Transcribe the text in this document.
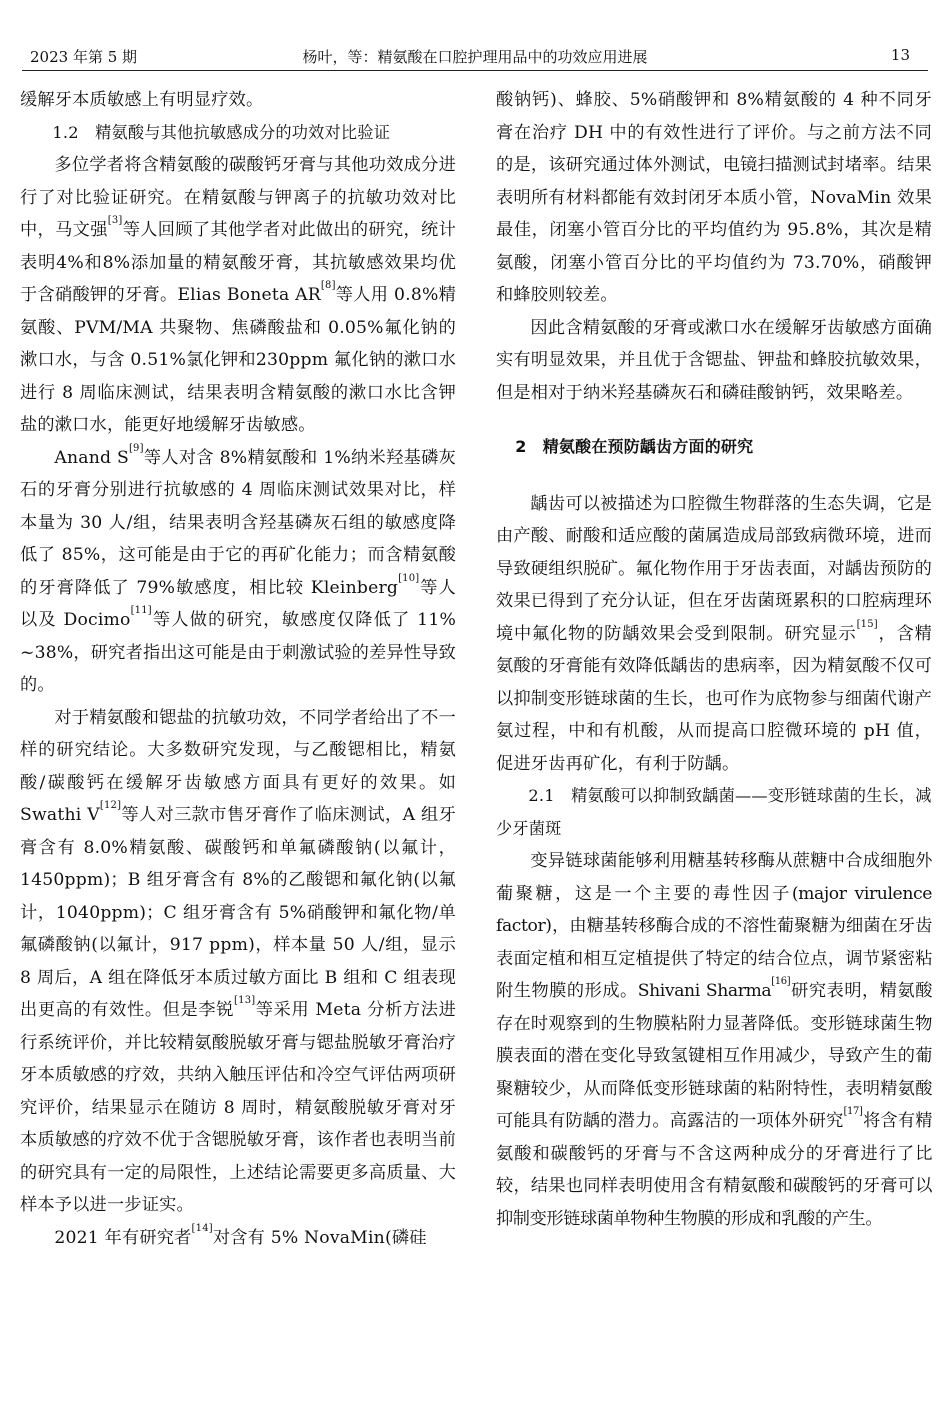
2023 年第 5 期	杨叶，等：精氨酸在口腔护理用品中的功效应用进展	13

缓解牙本质敏感上有明显疗效。

1.2　精氨酸与其他抗敏感成分的功效对比验证

多位学者将含精氨酸的碳酸钙牙膏与其他功效成分进行了对比验证研究。在精氨酸与钾离子的抗敏功效对比中，马文强[3]等人回顾了其他学者对此做出的研究，统计表明4%和8%添加量的精氨酸牙膏，其抗敏感效果均优于含硝酸钾的牙膏。Elias Boneta AR[8]等人用 0.8%精氨酸、PVM/MA 共聚物、焦磷酸盐和 0.05%氟化钠的漱口水，与含 0.51%氯化钾和230ppm 氟化钠的漱口水进行 8 周临床测试，结果表明含精氨酸的漱口水比含钾盐的漱口水，能更好地缓解牙齿敏感。

Anand S[9]等人对含 8%精氨酸和 1%纳米羟基磷灰石的牙膏分别进行抗敏感的 4 周临床测试效果对比，样本量为 30 人/组，结果表明含羟基磷灰石组的敏感度降低了 85%，这可能是由于它的再矿化能力；而含精氨酸的牙膏降低了 79%敏感度，相比较 Kleinberg[10]等人以及 Docimo[11]等人做的研究，敏感度仅降低了 11% ~38%，研究者指出这可能是由于刺激试验的差异性导致的。

对于精氨酸和锶盐的抗敏功效，不同学者给出了不一样的研究结论。大多数研究发现，与乙酸锶相比，精氨酸/碳酸钙在缓解牙齿敏感方面具有更好的效果。如 Swathi V[12]等人对三款市售牙膏作了临床测试，A 组牙膏含有 8.0%精氨酸、碳酸钙和单氟磷酸钠(以氟计，1450ppm)；B 组牙膏含有 8%的乙酸锶和氟化钠(以氟计，1040ppm)；C 组牙膏含有 5%硝酸钾和氟化物/单氟磷酸钠(以氟计，917 ppm)，样本量 50 人/组，显示 8 周后，A 组在降低牙本质过敏方面比 B 组和 C 组表现出更高的有效性。但是李锐[13]等采用 Meta 分析方法进行系统评价，并比较精氨酸脱敏牙膏与锶盐脱敏牙膏治疗牙本质敏感的疗效，共纳入触压评估和冷空气评估两项研究评价，结果显示在随访 8 周时，精氨酸脱敏牙膏对牙本质敏感的疗效不优于含锶脱敏牙膏，该作者也表明当前的研究具有一定的局限性，上述结论需要更多高质量、大样本予以进一步证实。

2021 年有研究者[14]对含有 5% NovaMin(磷硅

酸钠钙)、蜂胶、5%硝酸钾和 8%精氨酸的 4 种不同牙膏在治疗 DH 中的有效性进行了评价。与之前方法不同的是，该研究通过体外测试，电镜扫描测试封堵率。结果表明所有材料都能有效封闭牙本质小管，NovaMin 效果最佳，闭塞小管百分比的平均值约为 95.8%，其次是精氨酸，闭塞小管百分比的平均值约为 73.70%，硝酸钾和蜂胶则较差。

因此含精氨酸的牙膏或漱口水在缓解牙齿敏感方面确实有明显效果，并且优于含锶盐、钾盐和蜂胶抗敏效果，但是相对于纳米羟基磷灰石和磷硅酸钠钙，效果略差。

2　精氨酸在预防龋齿方面的研究

龋齿可以被描述为口腔微生物群落的生态失调，它是由产酸、耐酸和适应酸的菌属造成局部致病微环境，进而导致硬组织脱矿。氟化物作用于牙齿表面，对龋齿预防的效果已得到了充分认证，但在牙齿菌斑累积的口腔病理环境中氟化物的防龋效果会受到限制。研究显示[15]，含精氨酸的牙膏能有效降低龋齿的患病率，因为精氨酸不仅可以抑制变形链球菌的生长，也可作为底物参与细菌代谢产氨过程，中和有机酸，从而提高口腔微环境的 pH 值，促进牙齿再矿化，有利于防龋。

2.1　精氨酸可以抑制致龋菌——变形链球菌的生长，减少牙菌斑

变异链球菌能够利用糖基转移酶从蔗糖中合成细胞外葡聚糖，这是一个主要的毒性因子(major virulence factor)，由糖基转移酶合成的不溶性葡聚糖为细菌在牙齿表面定植和相互定植提供了特定的结合位点，调节紧密粘附生物膜的形成。Shivani Sharma[16]研究表明，精氨酸存在时观察到的生物膜粘附力显著降低。变形链球菌生物膜表面的潜在变化导致氢键相互作用减少，导致产生的葡聚糖较少，从而降低变形链球菌的粘附特性，表明精氨酸可能具有防龋的潜力。高露洁的一项体外研究[17]将含有精氨酸和碳酸钙的牙膏与不含这两种成分的牙膏进行了比较，结果也同样表明使用含有精氨酸和碳酸钙的牙膏可以抑制变形链球菌单物种生物膜的形成和乳酸的产生。
